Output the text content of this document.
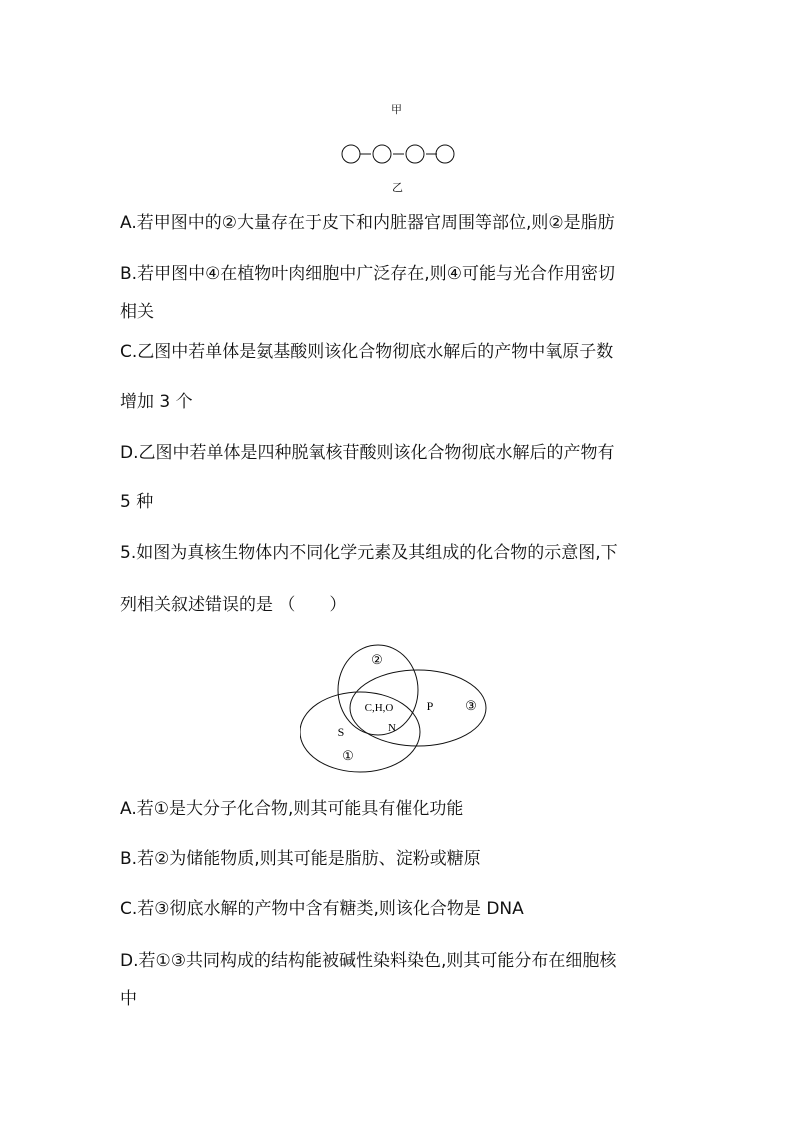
甲
乙
A.若甲图中的②大量存在于皮下和内脏器官周围等部位,则②是脂肪
B.若甲图中④在植物叶肉细胞中广泛存在,则④可能与光合作用密切
相关
C.乙图中若单体是氨基酸则该化合物彻底水解后的产物中氧原子数
增加 3 个
D.乙图中若单体是四种脱氧核苷酸则该化合物彻底水解后的产物有
5 种
5.如图为真核生物体内不同化学元素及其组成的化合物的示意图,下
列相关叙述错误的是 （　　）
②
③
①
C,H,O
N
P
S
A.若①是大分子化合物,则其可能具有催化功能
B.若②为储能物质,则其可能是脂肪、淀粉或糖原
C.若③彻底水解的产物中含有糖类,则该化合物是 DNA
D.若①③共同构成的结构能被碱性染料染色,则其可能分布在细胞核
中
